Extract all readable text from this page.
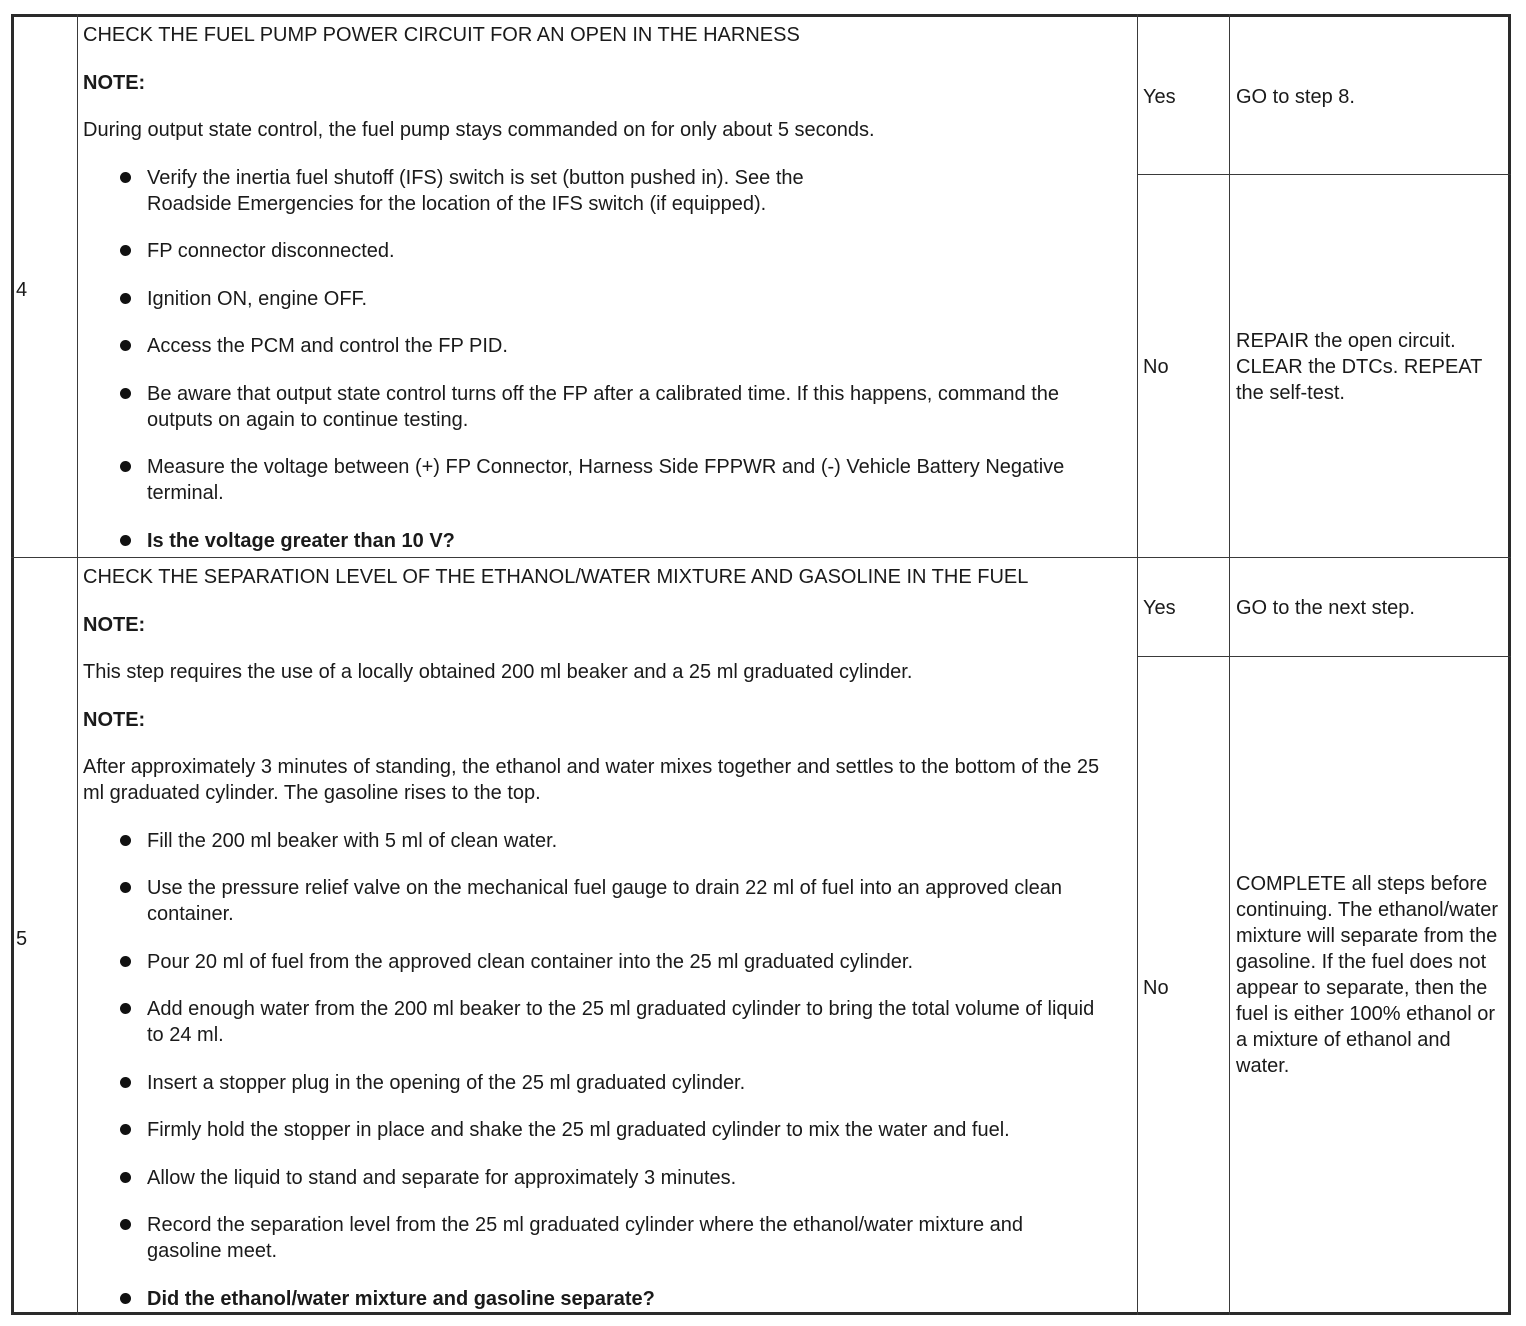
4
CHECK THE FUEL PUMP POWER CIRCUIT FOR AN OPEN IN THE HARNESS
NOTE:
During output state control, the fuel pump stays commanded on for only about 5 seconds.
Verify the inertia fuel shutoff (IFS) switch is set (button pushed in). See the Roadside Emergencies for the location of the IFS switch (if equipped).
FP connector disconnected.
Ignition ON, engine OFF.
Access the PCM and control the FP PID.
Be aware that output state control turns off the FP after a calibrated time. If this happens, command the outputs on again to continue testing.
Measure the voltage between (+) FP Connector, Harness Side FPPWR and (-) Vehicle Battery Negative terminal.
Is the voltage greater than 10 V?
Yes	GO to step 8.
No
REPAIR the open circuit. CLEAR the DTCs. REPEAT the self-test.
5
CHECK THE SEPARATION LEVEL OF THE ETHANOL/WATER MIXTURE AND GASOLINE IN THE FUEL
NOTE:
This step requires the use of a locally obtained 200 ml beaker and a 25 ml graduated cylinder.
NOTE:
After approximately 3 minutes of standing, the ethanol and water mixes together and settles to the bottom of the 25 ml graduated cylinder. The gasoline rises to the top.
Fill the 200 ml beaker with 5 ml of clean water.
Use the pressure relief valve on the mechanical fuel gauge to drain 22 ml of fuel into an approved clean container.
Pour 20 ml of fuel from the approved clean container into the 25 ml graduated cylinder.
Add enough water from the 200 ml beaker to the 25 ml graduated cylinder to bring the total volume of liquid to 24 ml.
Insert a stopper plug in the opening of the 25 ml graduated cylinder.
Firmly hold the stopper in place and shake the 25 ml graduated cylinder to mix the water and fuel.
Allow the liquid to stand and separate for approximately 3 minutes.
Record the separation level from the 25 ml graduated cylinder where the ethanol/water mixture and gasoline meet.
Did the ethanol/water mixture and gasoline separate?
Yes	GO to the next step.
No
COMPLETE all steps before continuing. The ethanol/water mixture will separate from the gasoline. If the fuel does not appear to separate, then the fuel is either 100% ethanol or a mixture of ethanol and water.
